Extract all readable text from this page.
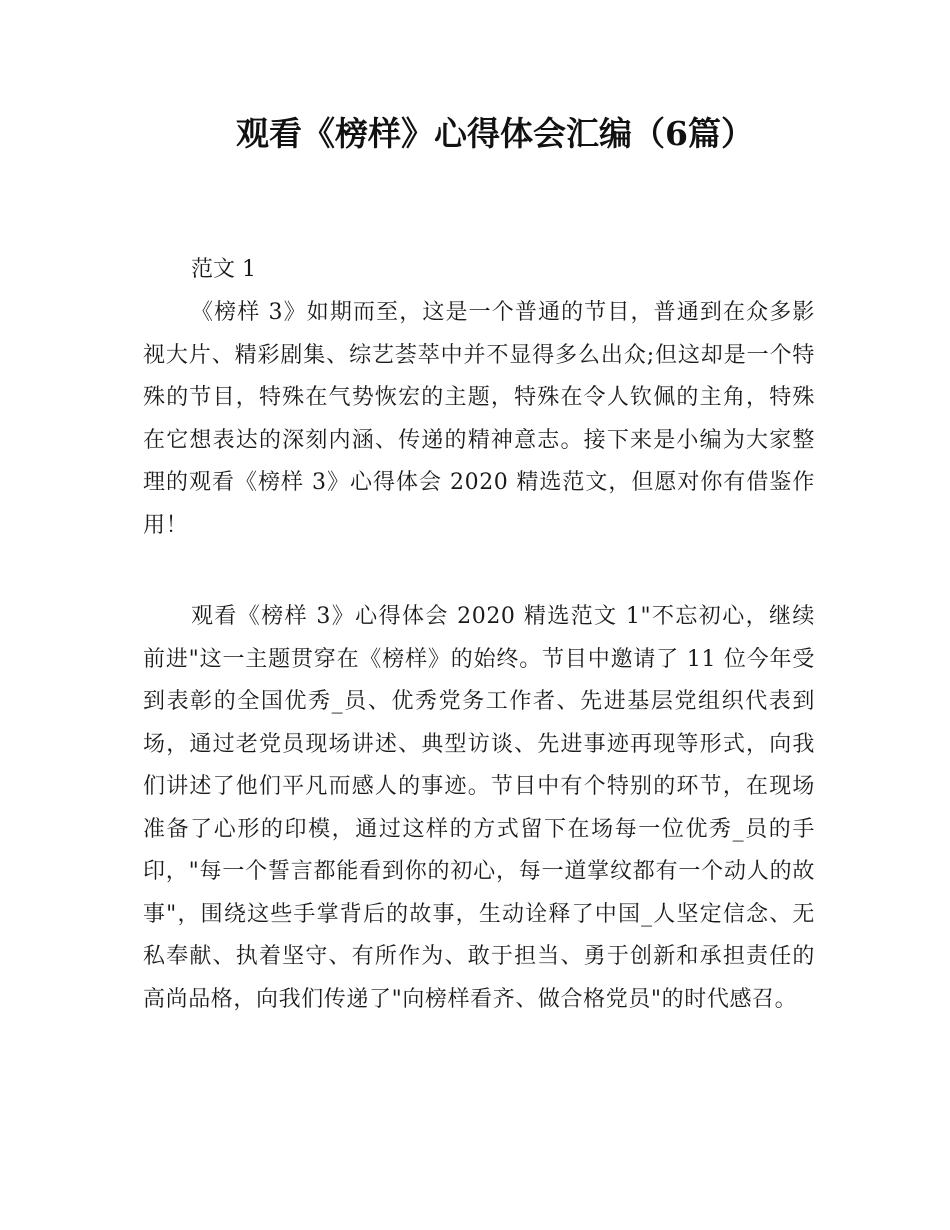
观看《榜样》心得体会汇编（6篇）

范文 1

《榜样 3》如期而至，这是一个普通的节目，普通到在众多影视大片、精彩剧集、综艺荟萃中并不显得多么出众;但这却是一个特殊的节目，特殊在气势恢宏的主题，特殊在令人钦佩的主角，特殊在它想表达的深刻内涵、传递的精神意志。接下来是小编为大家整理的观看《榜样 3》心得体会 2020 精选范文，但愿对你有借鉴作用！

观看《榜样 3》心得体会 2020 精选范文 1"不忘初心，继续前进"这一主题贯穿在《榜样》的始终。节目中邀请了 11 位今年受到表彰的全国优秀_员、优秀党务工作者、先进基层党组织代表到场，通过老党员现场讲述、典型访谈、先进事迹再现等形式，向我们讲述了他们平凡而感人的事迹。节目中有个特别的环节，在现场准备了心形的印模，通过这样的方式留下在场每一位优秀_员的手印，"每一个誓言都能看到你的初心，每一道掌纹都有一个动人的故事"，围绕这些手掌背后的故事，生动诠释了中国_人坚定信念、无私奉献、执着坚守、有所作为、敢于担当、勇于创新和承担责任的高尚品格，向我们传递了"向榜样看齐、做合格党员"的时代感召。
